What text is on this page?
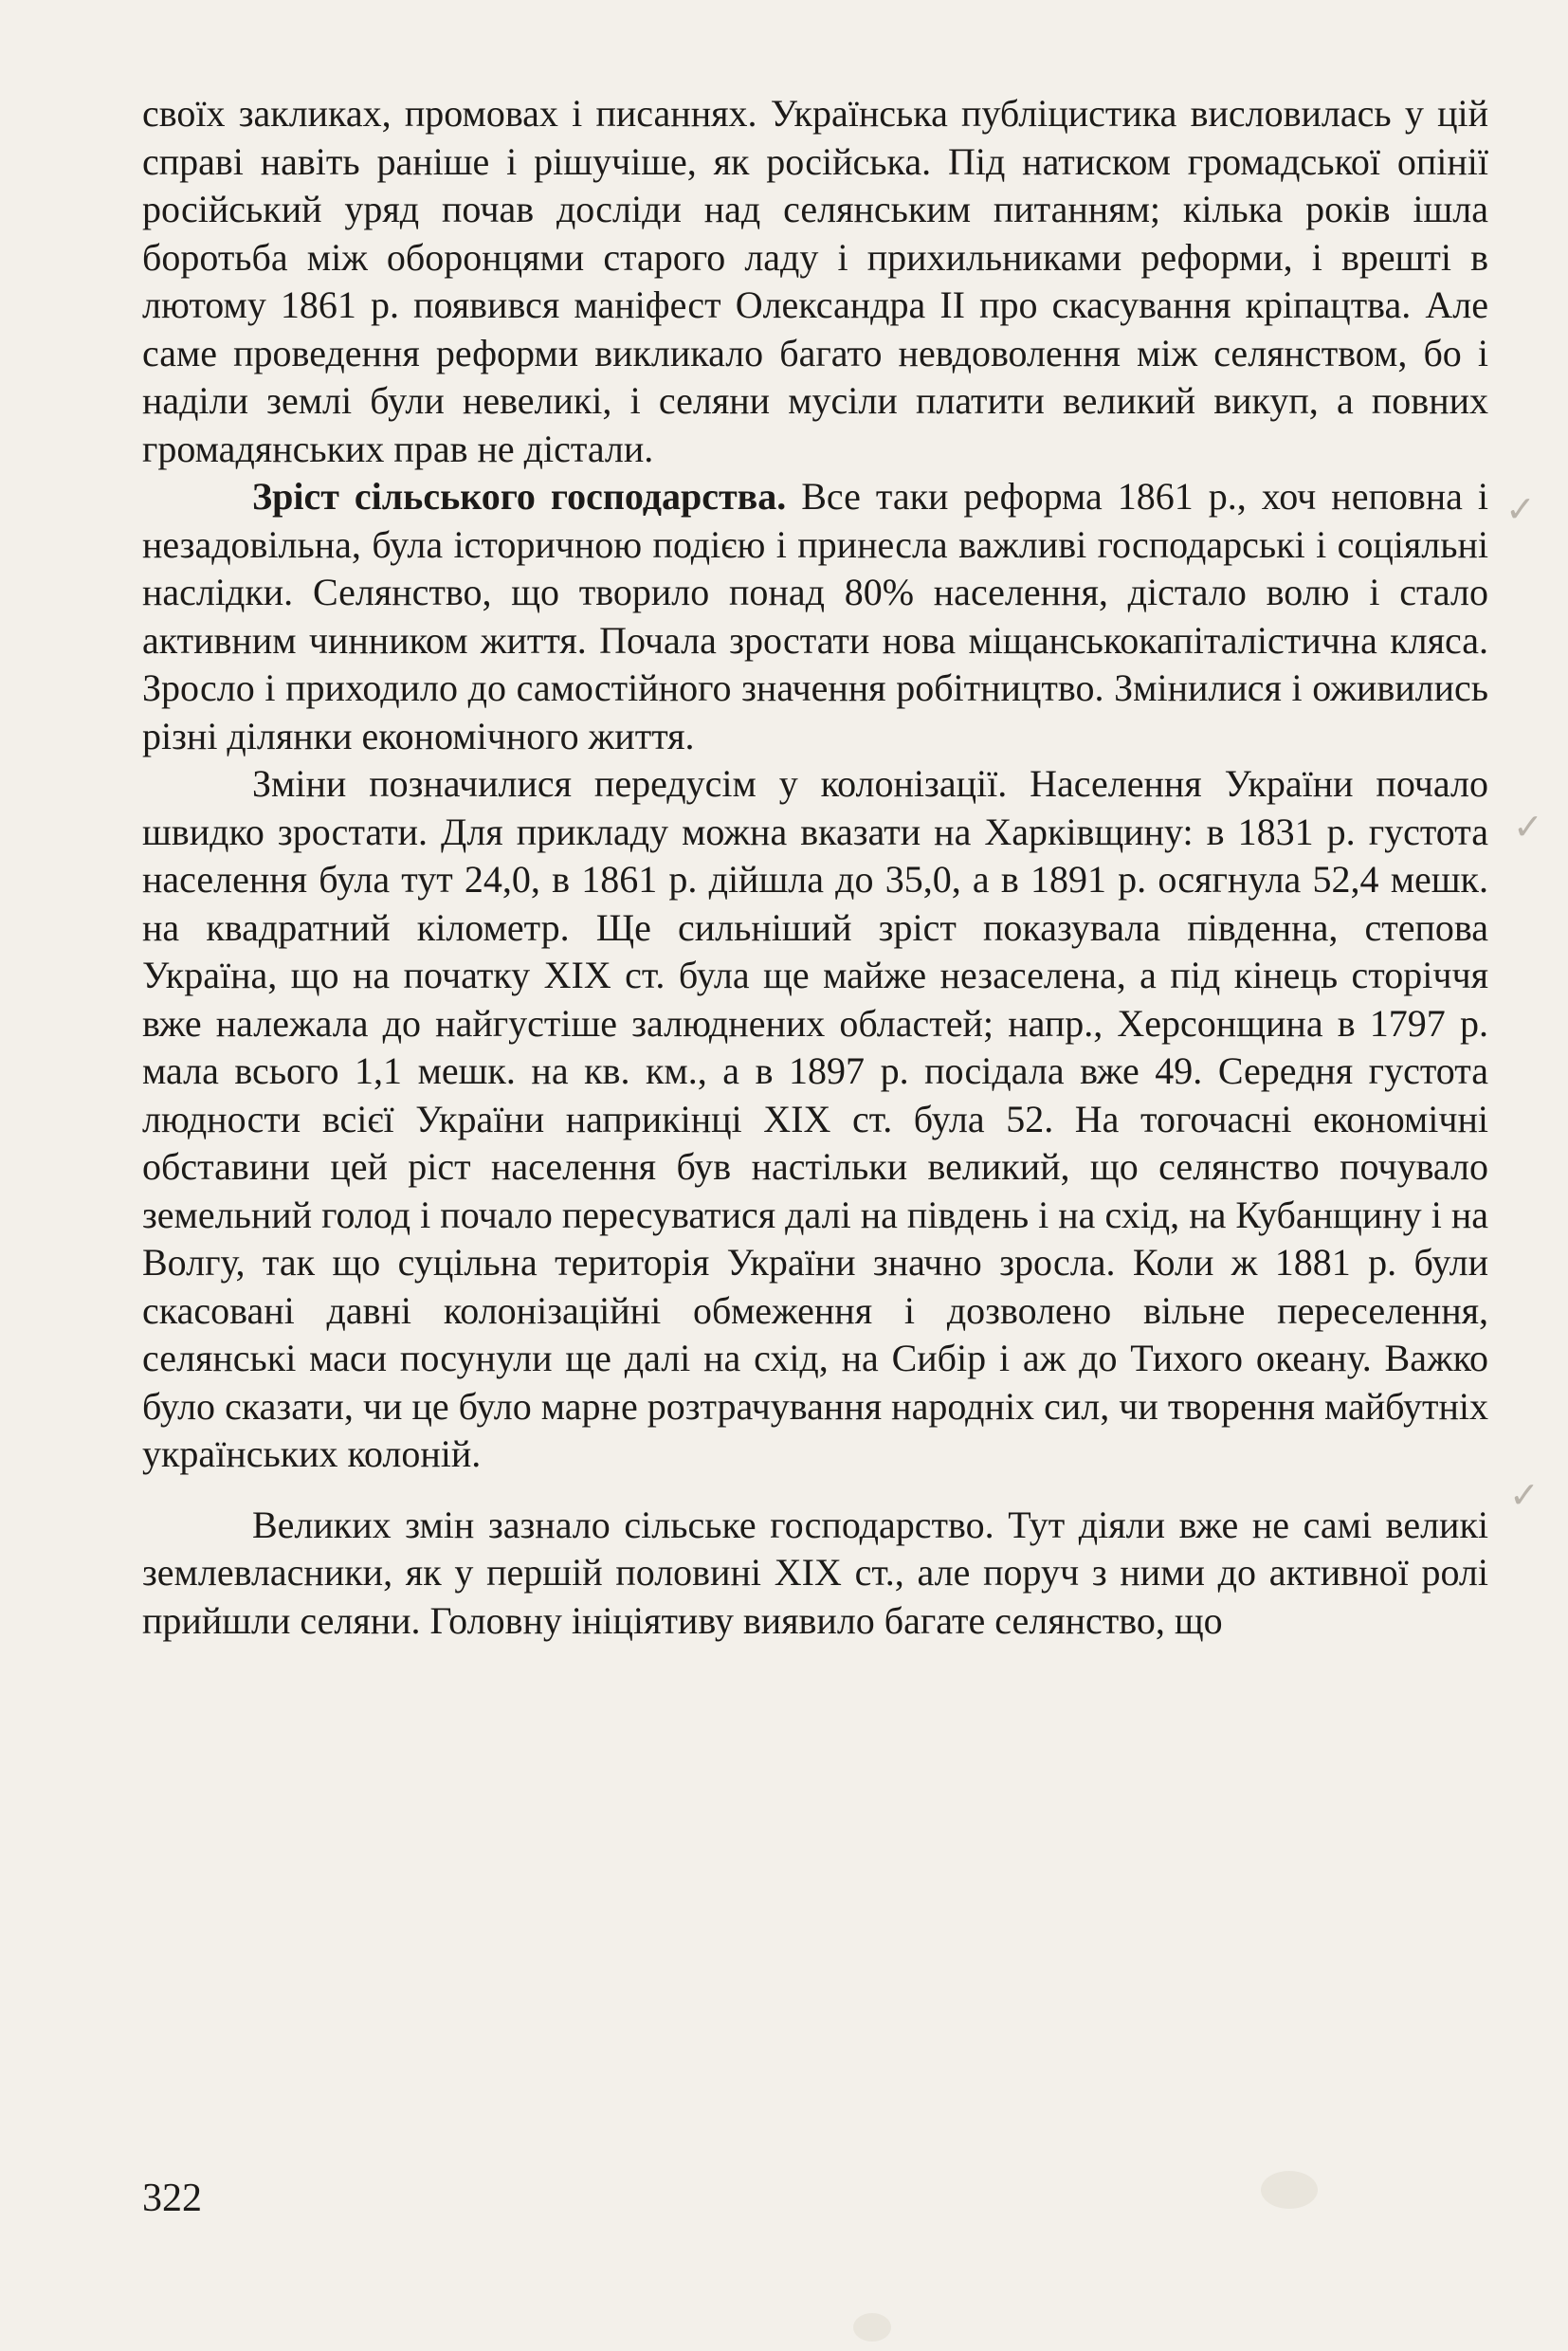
✓
✓
✓

своїх закликах, промовах і писаннях. Українська публіцистика висловилась у цій справі навіть раніше і рішучіше, як російська. Під натиском громадської опінії російський уряд почав досліди над селянським питанням; кілька років ішла боротьба між оборонцями старого ладу і прихильниками реформи, і врешті в лютому 1861 р. появився маніфест Олександра II про скасування кріпацтва. Але саме проведення реформи викликало багато невдоволення між селянством, бо і наділи землі були невеликі, і селяни мусіли платити великий викуп, а повних громадянських прав не дістали.

Зріст сільського господарства. Все таки реформа 1861 р., хоч неповна і незадовільна, була історичною подією і принесла важливі господарські і соціяльні наслідки. Селянство, що творило понад 80% населення, дістало волю і стало активним чинником життя. Почала зростати нова міщанськокапіталістична кляса. Зросло і приходило до самостійного значення робітництво. Змінилися і оживились різні ділянки економічного життя.

Зміни позначилися передусім у колонізації. Населення України почало швидко зростати. Для прикладу можна вказати на Харківщину: в 1831 р. густота населення була тут 24,0, в 1861 р. дійшла до 35,0, а в 1891 р. осягнула 52,4 мешк. на квадратний кілометр. Ще сильніший зріст показувала південна, степова Україна, що на початку XIX ст. була ще майже незаселена, а під кінець сторіччя вже належала до найгустіше залюднених областей; напр., Херсонщина в 1797 р. мала всього 1,1 мешк. на кв. км., а в 1897 р. посідала вже 49. Середня густота людности всієї України наприкінці XIX ст. була 52. На тогочасні економічні обставини цей ріст населення був настільки великий, що селянство почувало земельний голод і почало пересуватися далі на південь і на схід, на Кубанщину і на Волгу, так що суцільна територія України значно зросла. Коли ж 1881 р. були скасовані давні колонізаційні обмеження і дозволено вільне переселення, селянські маси посунули ще далі на схід, на Сибір і аж до Тихого океану. Важко було сказати, чи це було марне розтрачування народніх сил, чи творення майбутніх українських колоній.

Великих змін зазнало сільське господарство. Тут діяли вже не самі великі землевласники, як у першій половині XIX ст., але поруч з ними до активної ролі прийшли селяни. Головну ініціятиву виявило багате селянство, що

322
